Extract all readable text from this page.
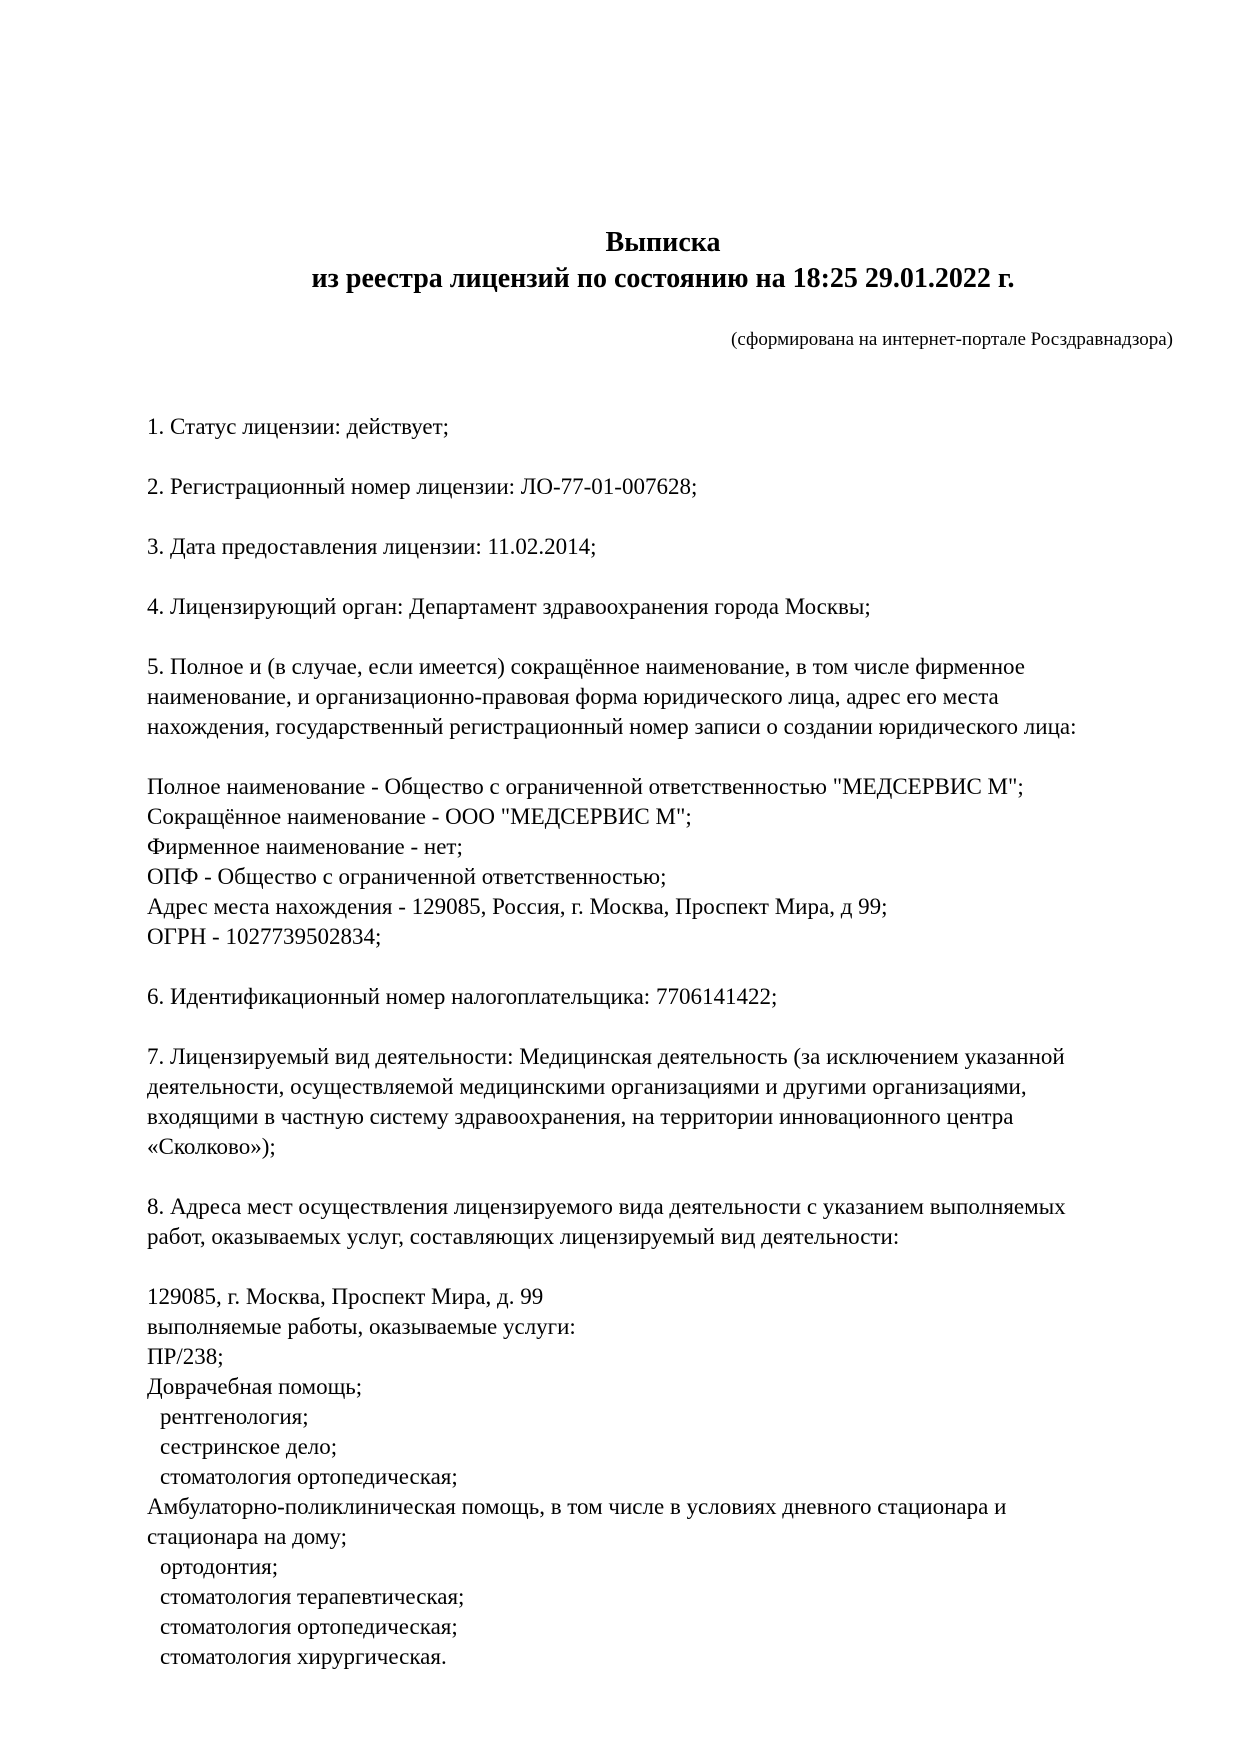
Выписка
из реестра лицензий по состоянию на 18:25 29.01.2022 г.
(сформирована на интернет-портале Росздравнадзора)

1. Статус лицензии: действует;

2. Регистрационный номер лицензии: ЛО-77-01-007628;

3. Дата предоставления лицензии: 11.02.2014;

4. Лицензирующий орган: Департамент здравоохранения города Москвы;

5. Полное и (в случае, если имеется) сокращённое наименование, в том числе фирменное

наименование, и организационно-правовая форма юридического лица, адрес его места

нахождения, государственный регистрационный номер записи о создании юридического лица:

Полное наименование - Общество с ограниченной ответственностью "МЕДСЕРВИС М";

Сокращённое наименование - ООО "МЕДСЕРВИС М";

Фирменное наименование - нет;

ОПФ - Общество с ограниченной ответственностью;

Адрес места нахождения - 129085, Россия, г. Москва, Проспект Мира, д 99;

ОГРН - 1027739502834;

6. Идентификационный номер налогоплательщика: 7706141422;

7. Лицензируемый вид деятельности: Медицинская деятельность (за исключением указанной

деятельности, осуществляемой медицинскими организациями и другими организациями,

входящими в частную систему здравоохранения, на территории инновационного центра

«Сколково»);

8. Адреса мест осуществления лицензируемого вида деятельности с указанием выполняемых

работ, оказываемых услуг, составляющих лицензируемый вид деятельности:

129085, г. Москва, Проспект Мира, д. 99

выполняемые работы, оказываемые услуги:

ПР/238;

Доврачебная помощь;

рентгенология;

сестринское дело;

стоматология ортопедическая;

Амбулаторно-поликлиническая помощь, в том числе в условиях дневного стационара и

стационара на дому;

ортодонтия;

стоматология терапевтическая;

стоматология ортопедическая;

стоматология хирургическая.
